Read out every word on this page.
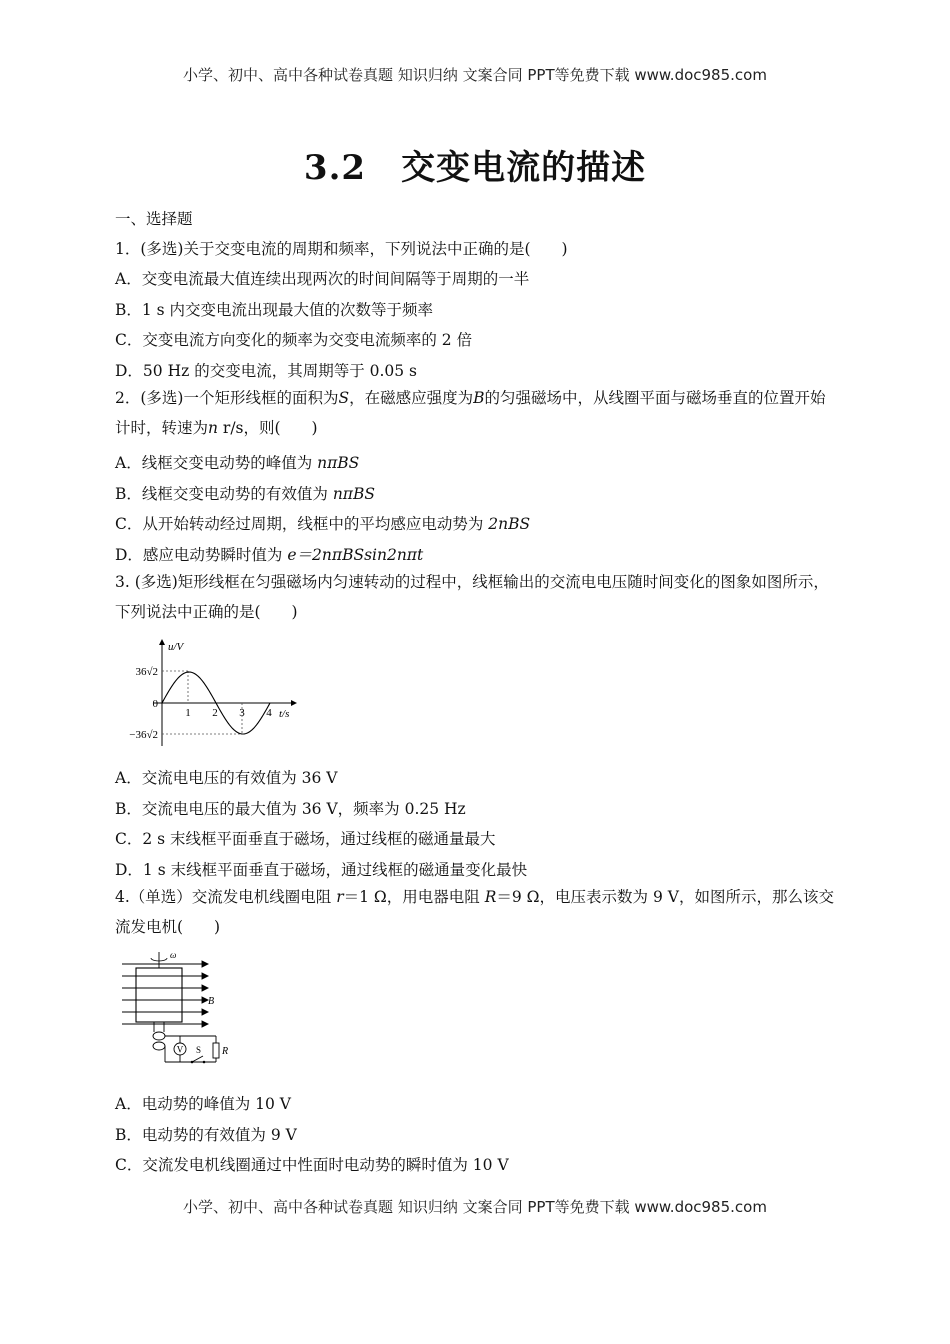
小学、初中、高中各种试卷真题 知识归纳 文案合同 PPT等免费下载 www.doc985.com
3.2　交变电流的描述
一、选择题
1．(多选)关于交变电流的周期和频率，下列说法中正确的是(　　)
A．交变电流最大值连续出现两次的时间间隔等于周期的一半
B．1 s 内交变电流出现最大值的次数等于频率
C．交变电流方向变化的频率为交变电流频率的 2 倍
D．50 Hz 的交变电流，其周期等于 0.05 s
2．(多选)一个矩形线框的面积为S，在磁感应强度为B的匀强磁场中，从线圈平面与磁场垂直的位置开始计时，转速为n r/s，则(　　)
A．线框交变电动势的峰值为 nπBS
B．线框交变电动势的有效值为 nπBS
C．从开始转动经过周期，线框中的平均感应电动势为 2nBS
D．感应电动势瞬时值为 e＝2nπBSsin2nπt
3. (多选)矩形线框在匀强磁场内匀速转动的过程中，线框输出的交流电电压随时间变化的图象如图所示，下列说法中正确的是(　　)
u/V
t/s
36√2
0
−36√2
1 2 3 4
A．交流电电压的有效值为 36 V
B．交流电电压的最大值为 36 V，频率为 0.25 Hz
C．2 s 末线框平面垂直于磁场，通过线框的磁通量最大
D．1 s 末线框平面垂直于磁场，通过线框的磁通量变化最快
4.（单选）交流发电机线圈电阻 r＝1 Ω，用电器电阻 R＝9 Ω，电压表示数为 9 V，如图所示，那么该交流发电机(　　)
ω
B
R
V S
A．电动势的峰值为 10 V
B．电动势的有效值为 9 V
C．交流发电机线圈通过中性面时电动势的瞬时值为 10 V
小学、初中、高中各种试卷真题 知识归纳 文案合同 PPT等免费下载 www.doc985.com
